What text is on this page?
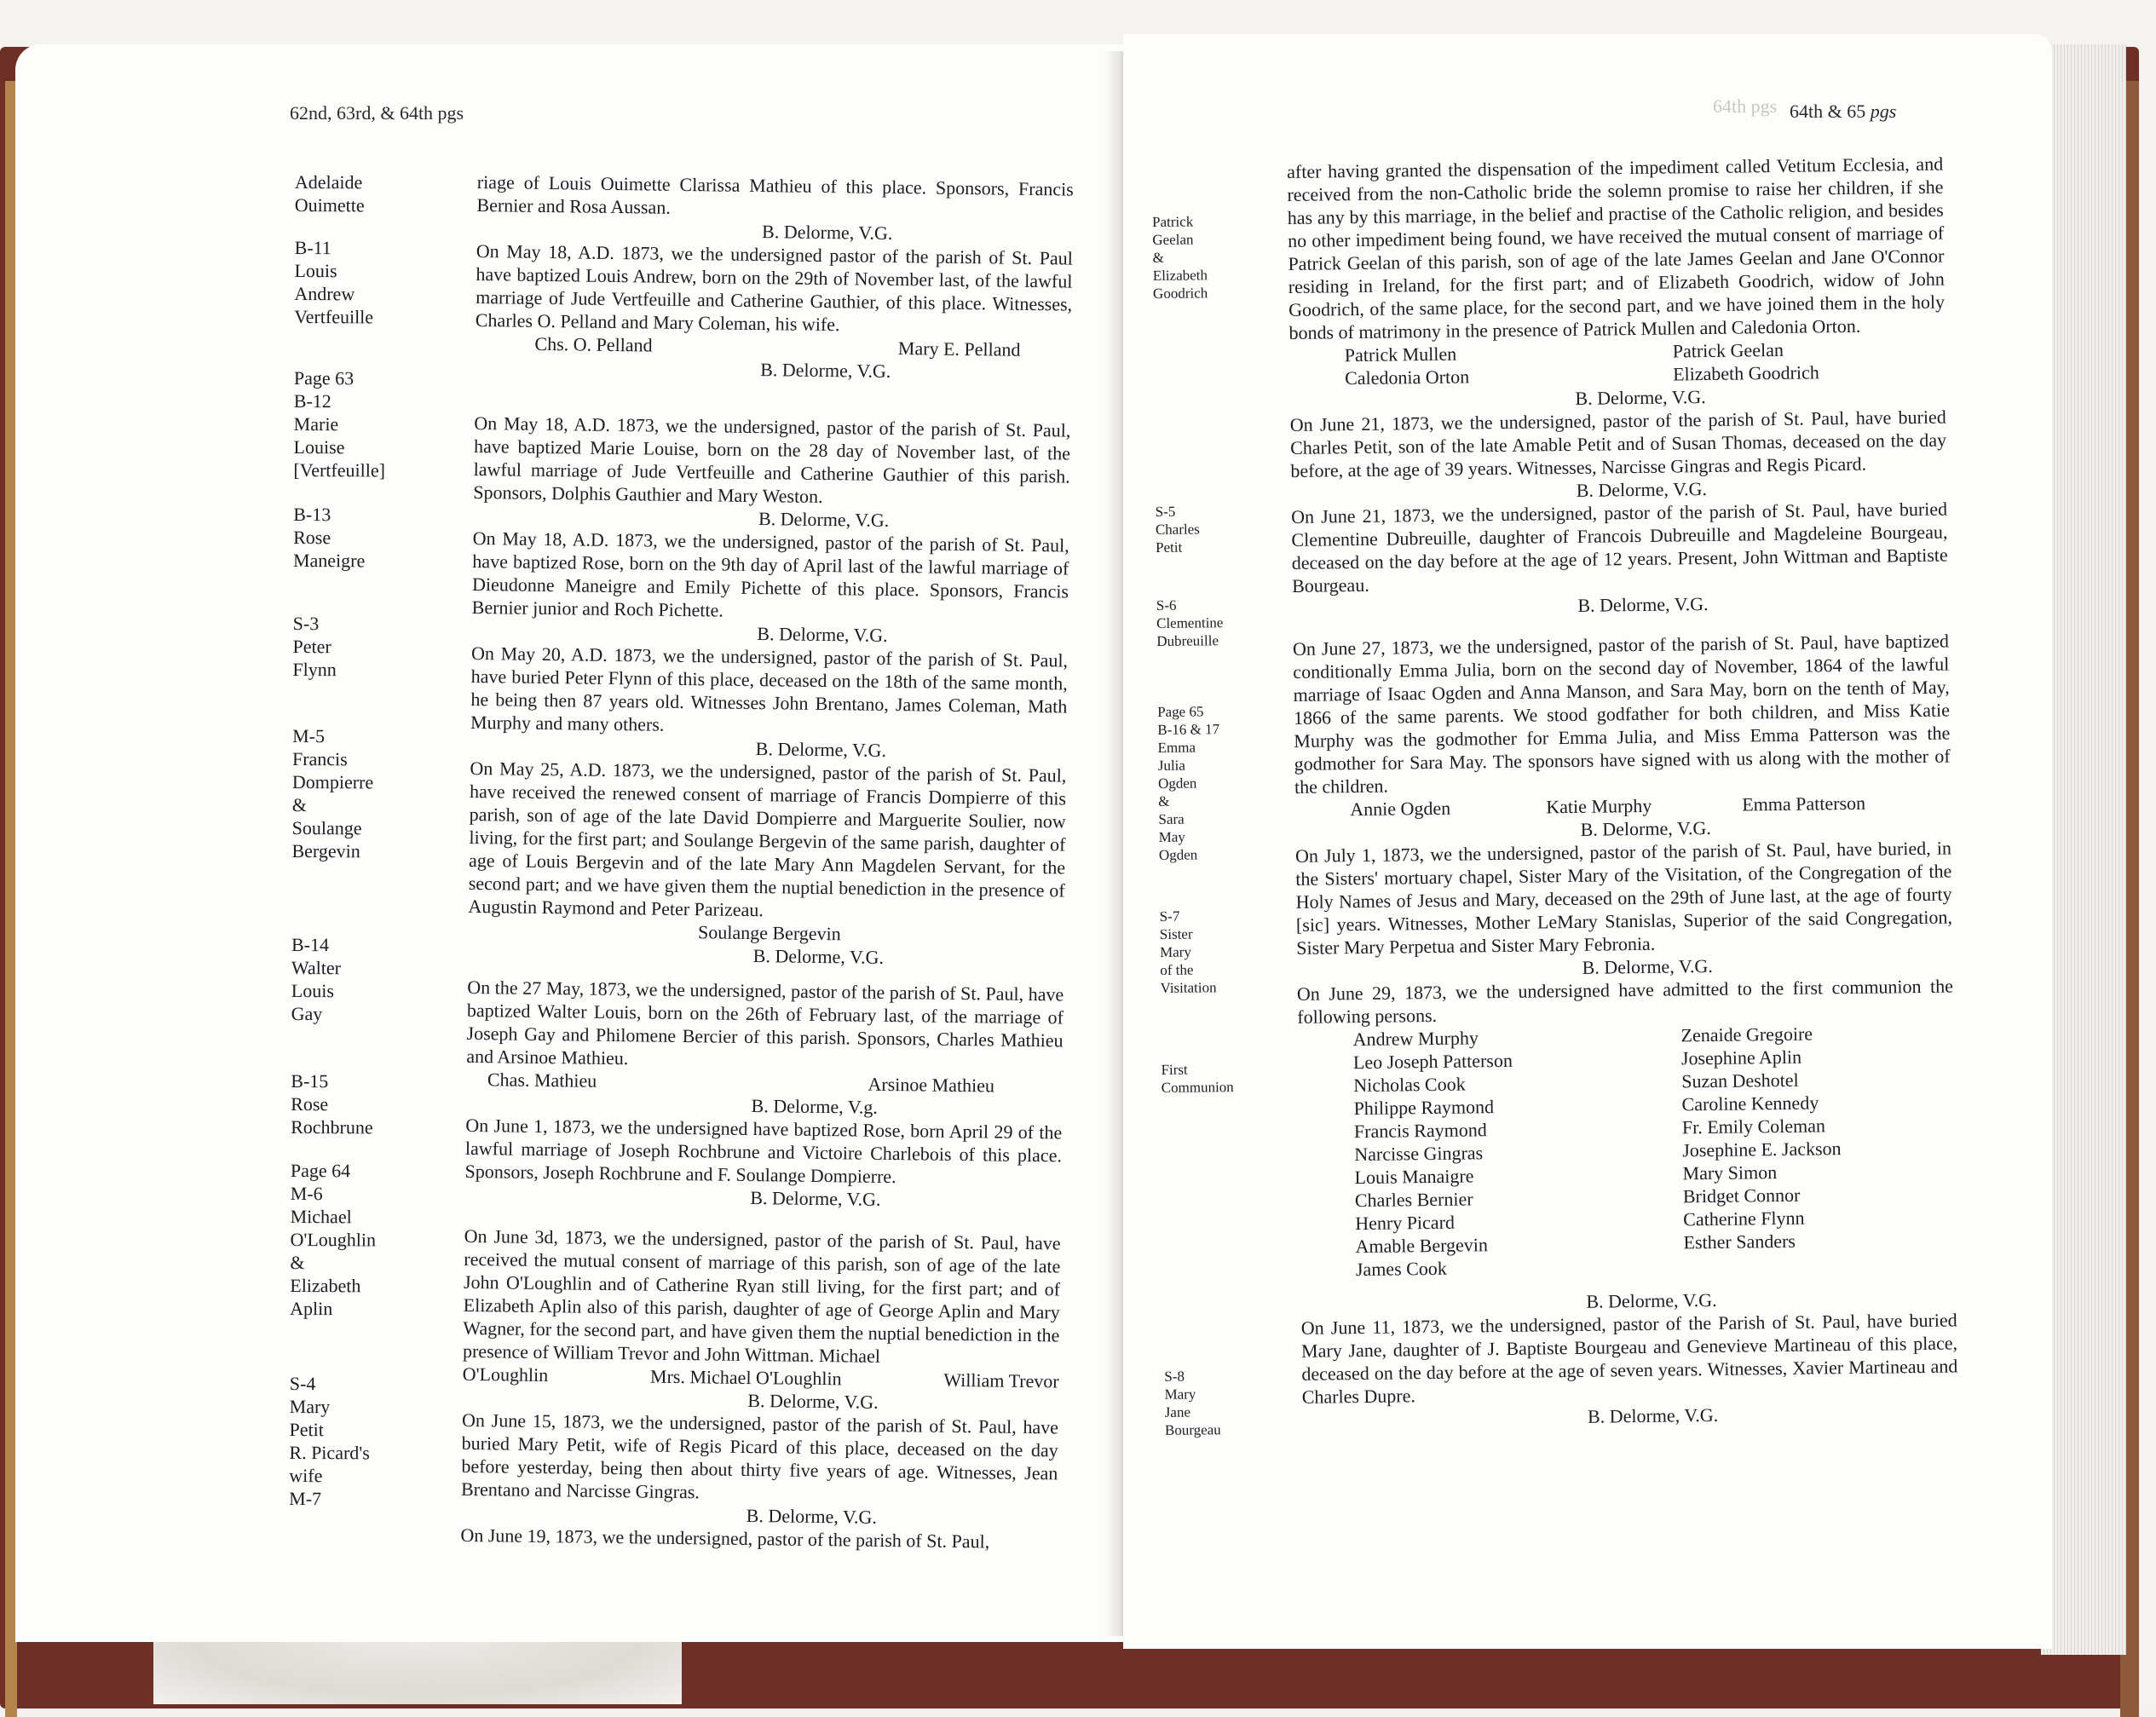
62nd, 63rd, & 64th pgs
Adelaide
Ouimette
B-11
Louis
Andrew
Vertfeuille
Page 63
B-12
Marie
Louise
[Vertfeuille]
B-13
Rose
Maneigre
S-3
Peter
Flynn
M-5
Francis
Dompierre
&
Soulange
Bergevin
B-14
Walter
Louis
Gay
B-15
Rose
Rochbrune
Page 64
M-6
Michael
O'Loughlin
&
Elizabeth
Aplin
S-4
Mary
Petit
R. Picard's
wife
M-7
riage of Louis Ouimette Clarissa Mathieu of this place. Sponsors, Francis Bernier and Rosa Aussan.
B. Delorme, V.G.
On May 18, A.D. 1873, we the undersigned pastor of the parish of St. Paul have baptized Louis Andrew, born on the 29th of November last, of the lawful marriage of Jude Vertfeuille and Catherine Gauthier, of this place. Witnesses, Charles O. Pelland and Mary Coleman, his wife.
Chs. O. Pelland	Mary E. Pelland
B. Delorme, V.G.
On May 18, A.D. 1873, we the undersigned, pastor of the parish of St. Paul, have baptized Marie Louise, born on the 28 day of November last, of the lawful marriage of Jude Vertfeuille and Catherine Gauthier of this parish. Sponsors, Dolphis Gauthier and Mary Weston.
B. Delorme, V.G.
On May 18, A.D. 1873, we the undersigned, pastor of the parish of St. Paul, have baptized Rose, born on the 9th day of April last of the lawful marriage of Dieudonne Maneigre and Emily Pichette of this place. Sponsors, Francis Bernier junior and Roch Pichette.
B. Delorme, V.G.
On May 20, A.D. 1873, we the undersigned, pastor of the parish of St. Paul, have buried Peter Flynn of this place, deceased on the 18th of the same month, he being then 87 years old. Witnesses John Brentano, James Coleman, Math Murphy and many others.
B. Delorme, V.G.
On May 25, A.D. 1873, we the undersigned, pastor of the parish of St. Paul, have received the renewed consent of marriage of Francis Dompierre of this parish, son of age of the late David Dompierre and Marguerite Soulier, now living, for the first part; and Soulange Bergevin of the same parish, daughter of age of Louis Bergevin and of the late Mary Ann Magdelen Servant, for the second part; and we have given them the nuptial benediction in the presence of Augustin Raymond and Peter Parizeau.
Soulange Bergevin
B. Delorme, V.G.
On the 27 May, 1873, we the undersigned, pastor of the parish of St. Paul, have baptized Walter Louis, born on the 26th of February last, of the marriage of Joseph Gay and Philomene Bercier of this parish. Sponsors, Charles Mathieu and Arsinoe Mathieu.
Chas. Mathieu	Arsinoe Mathieu
B. Delorme, V.g.
On June 1, 1873, we the undersigned have baptized Rose, born April 29 of the lawful marriage of Joseph Rochbrune and Victoire Charlebois of this place. Sponsors, Joseph Rochbrune and F. Soulange Dompierre.
B. Delorme, V.G.
On June 3d, 1873, we the undersigned, pastor of the parish of St. Paul, have received the mutual consent of marriage of this parish, son of age of the late John O'Loughlin and of Catherine Ryan still living, for the first part; and of Elizabeth Aplin also of this parish, daughter of age of George Aplin and Mary Wagner, for the second part, and have given them the nuptial benediction in the presence of William Trevor and John Wittman. Michael
O'Loughlin	Mrs. Michael O'Loughlin	William Trevor
B. Delorme, V.G.
On June 15, 1873, we the undersigned, pastor of the parish of St. Paul, have buried Mary Petit, wife of Regis Picard of this place, deceased on the day before yesterday, being then about thirty five years of age. Witnesses, Jean Brentano and Narcisse Gingras.
B. Delorme, V.G.
On June 19, 1873, we the undersigned, pastor of the parish of St. Paul,
64th pgs 64th & 65 pgs
Patrick
Geelan
&
Elizabeth
Goodrich
S-5
Charles
Petit
S-6
Clementine
Dubreuille
Page 65
B-16 & 17
Emma
Julia
Ogden
&
Sara
May
Ogden
S-7
Sister
Mary
of the
Visitation
First
Communion
S-8
Mary
Jane
Bourgeau
after having granted the dispensation of the impediment called Vetitum Ecclesia, and received from the non-Catholic bride the solemn promise to raise her children, if she has any by this marriage, in the belief and practise of the Catholic religion, and besides no other impediment being found, we have received the mutual consent of marriage of Patrick Geelan of this parish, son of age of the late James Geelan and Jane O'Connor residing in Ireland, for the first part; and of Elizabeth Goodrich, widow of John Goodrich, of the same place, for the second part, and we have joined them in the holy bonds of matrimony in the presence of Patrick Mullen and Caledonia Orton.
Patrick Mullen	Patrick Geelan
Caledonia Orton	Elizabeth Goodrich
B. Delorme, V.G.
On June 21, 1873, we the undersigned, pastor of the parish of St. Paul, have buried Charles Petit, son of the late Amable Petit and of Susan Thomas, deceased on the day before, at the age of 39 years. Witnesses, Narcisse Gingras and Regis Picard.
B. Delorme, V.G.
On June 21, 1873, we the undersigned, pastor of the parish of St. Paul, have buried Clementine Dubreuille, daughter of Francois Dubreuille and Magdeleine Bourgeau, deceased on the day before at the age of 12 years. Present, John Wittman and Baptiste Bourgeau.
B. Delorme, V.G.
On June 27, 1873, we the undersigned, pastor of the parish of St. Paul, have baptized conditionally Emma Julia, born on the second day of November, 1864 of the lawful marriage of Isaac Ogden and Anna Manson, and Sara May, born on the tenth of May, 1866 of the same parents. We stood godfather for both children, and Miss Katie Murphy was the godmother for Emma Julia, and Miss Emma Patterson was the godmother for Sara May. The sponsors have signed with us along with the mother of the children.
Annie Ogden	Katie Murphy	Emma Patterson
B. Delorme, V.G.
On July 1, 1873, we the undersigned, pastor of the parish of St. Paul, have buried, in the Sisters' mortuary chapel, Sister Mary of the Visitation, of the Congregation of the Holy Names of Jesus and Mary, deceased on the 29th of June last, at the age of fourty [sic] years. Witnesses, Mother LeMary Stanislas, Superior of the said Congregation, Sister Mary Perpetua and Sister Mary Febronia.
B. Delorme, V.G.
On June 29, 1873, we the undersigned have admitted to the first communion the following persons.
Andrew Murphy	Zenaide Gregoire
Leo Joseph Patterson	Josephine Aplin
Nicholas Cook	Suzan Deshotel
Philippe Raymond	Caroline Kennedy
Francis Raymond	Fr. Emily Coleman
Narcisse Gingras	Josephine E. Jackson
Louis Manaigre	Mary Simon
Charles Bernier	Bridget Connor
Henry Picard	Catherine Flynn
Amable Bergevin	Esther Sanders
James Cook
B. Delorme, V.G.
On June 11, 1873, we the undersigned, pastor of the Parish of St. Paul, have buried Mary Jane, daughter of J. Baptiste Bourgeau and Genevieve Martineau of this place, deceased on the day before at the age of seven years. Witnesses, Xavier Martineau and Charles Dupre.
B. Delorme, V.G.
